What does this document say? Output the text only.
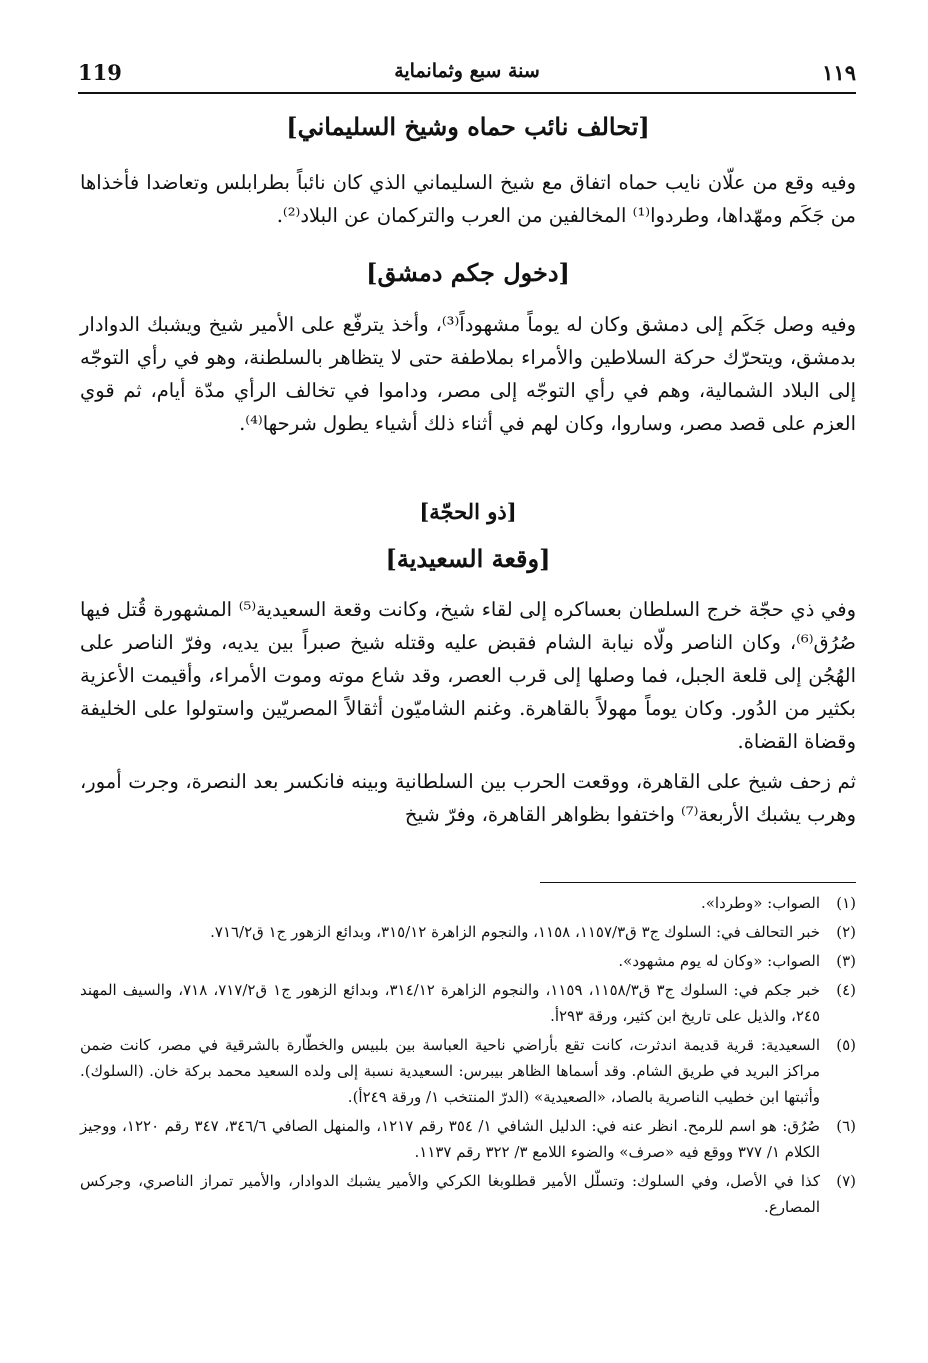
119	سنة سبع وثمانماية	١١٩
[تحالف نائب حماه وشيخ السليماني]

وفيه وقع من علّان نايب حماه اتفاق مع شيخ السليماني الذي كان نائباً بطرابلس وتعاضدا فأخذاها من جَكَم ومهّداها، وطردوا⁽¹⁾ المخالفين من العرب والتركمان عن البلاد⁽²⁾.

[دخول جكم دمشق]

وفيه وصل جَكَم إلى دمشق وكان له يوماً مشهوداً⁽³⁾، وأخذ يترفّع على الأمير شيخ ويشبك الدوادار بدمشق، ويتحرّك حركة السلاطين والأمراء بملاطفة حتى لا يتظاهر بالسلطنة، وهو في رأي التوجّه إلى البلاد الشمالية، وهم في رأي التوجّه إلى مصر، وداموا في تخالف الرأي مدّة أيام، ثم قوي العزم على قصد مصر، وساروا، وكان لهم في أثناء ذلك أشياء يطول شرحها⁽⁴⁾.

[ذو الحجّة]
[وقعة السعيدية]

وفي ذي حجّة خرج السلطان بعساكره إلى لقاء شيخ، وكانت وقعة السعيدية⁽⁵⁾ المشهورة قُتل فيها صُرُق⁽⁶⁾، وكان الناصر ولّاه نيابة الشام فقبض عليه وقتله شيخ صبراً بين يديه، وفرّ الناصر على الهُجُن إلى قلعة الجبل، فما وصلها إلى قرب العصر، وقد شاع موته وموت الأمراء، وأقيمت الأعزية بكثير من الدُور. وكان يوماً مهولاً بالقاهرة. وغنم الشاميّون أثقالاً المصريّين واستولوا على الخليفة وقضاة القضاة.

ثم زحف شيخ على القاهرة، ووقعت الحرب بين السلطانية وبينه فانكسر بعد النصرة، وجرت أمور، وهرب يشبك الأربعة⁽⁷⁾ واختفوا بظواهر القاهرة، وفرّ شيخ

(١)
الصواب: «وطردا».
(٢)
خبر التحالف في: السلوك ج٣ ق١١٥٧/٣، ١١٥٨، والنجوم الزاهرة ٣١٥/١٢، وبدائع الزهور ج١ ق٧١٦/٢.
(٣)
الصواب: «وكان له يوم مشهود».
(٤)
خبر جكم في: السلوك ج٣ ق١١٥٨/٣، ١١٥٩، والنجوم الزاهرة ٣١٤/١٢، وبدائع الزهور ج١ ق٧١٧/٢، ٧١٨، والسيف المهند ٢٤٥، والذيل على تاريخ ابن كثير، ورقة ٢٩٣أ.
(٥)
السعيدية: قرية قديمة اندثرت، كانت تقع بأراضي ناحية العباسة بين بلبيس والخطّارة بالشرقية في مصر، كانت ضمن مراكز البريد في طريق الشام. وقد أسماها الظاهر بيبرس: السعيدية نسبة إلى ولده السعيد محمد بركة خان. (السلوك). وأثبتها ابن خطيب الناصرية بالصاد، «الصعيدية» (الدرّ المنتخب ١/ ورقة ٢٤٩أ).
(٦)
صُرُق: هو اسم للرمح. انظر عنه في: الدليل الشافي ١/ ٣٥٤ رقم ١٢١٧، والمنهل الصافي ٣٤٦/٦، ٣٤٧ رقم ١٢٢٠، ووجيز الكلام ١/ ٣٧٧ ووقع فيه «صرف» والضوء اللامع ٣/ ٣٢٢ رقم ١١٣٧.
(٧)
كذا في الأصل، وفي السلوك: وتسلّل الأمير قطلوبغا الكركي والأمير يشبك الدوادار، والأمير تمراز الناصري، وجركس المصارع.
